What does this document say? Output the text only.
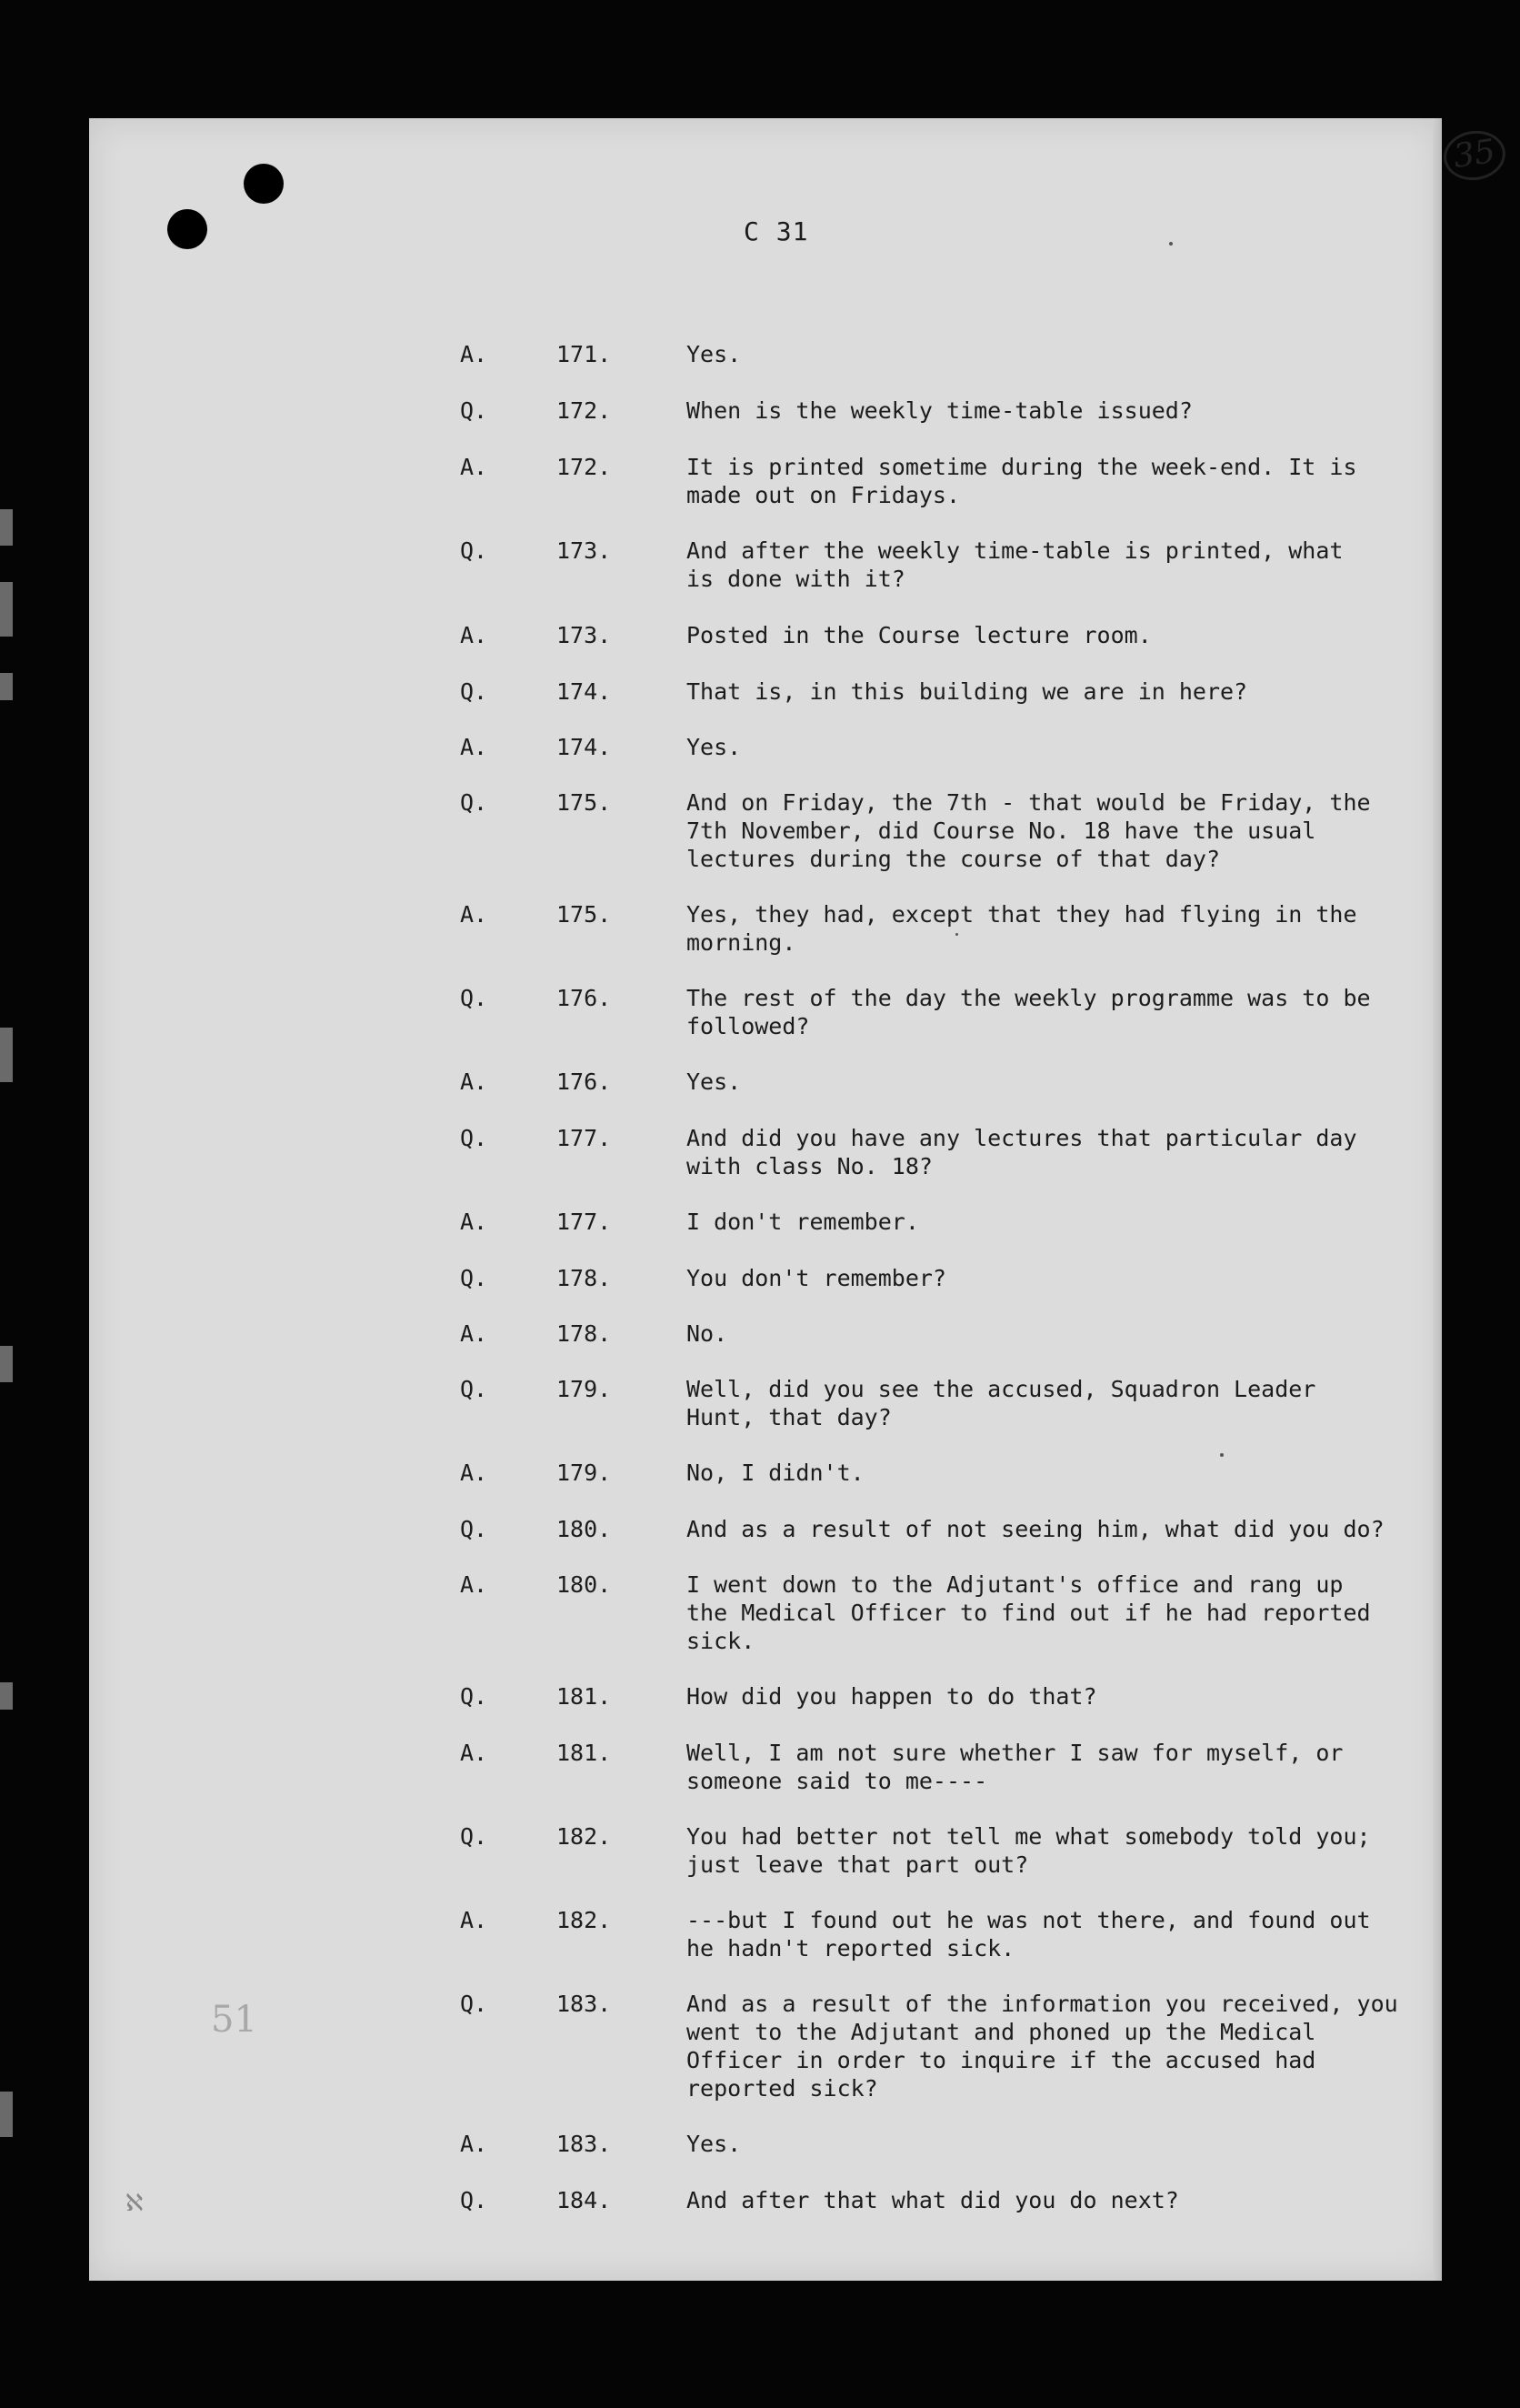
35
C 31
51
ℵ
A.	171.	Yes.
Q.	172.	When is the weekly time-table issued?
A.	172.	It is printed sometime during the week-end. It is
made out on Fridays.
Q.	173.	And after the weekly time-table is printed, what
is done with it?
A.	173.	Posted in the Course lecture room.
Q.	174.	That is, in this building we are in here?
A.	174.	Yes.
Q.	175.	And on Friday, the 7th - that would be Friday, the
7th November, did Course No. 18 have the usual
lectures during the course of that day?
A.	175.	Yes, they had, except that they had flying in the
morning.
Q.	176.	The rest of the day the weekly programme was to be
followed?
A.	176.	Yes.
Q.	177.	And did you have any lectures that particular day
with class No. 18?
A.	177.	I don't remember.
Q.	178.	You don't remember?
A.	178.	No.
Q.	179.	Well, did you see the accused, Squadron Leader
Hunt, that day?
A.	179.	No, I didn't.
Q.	180.	And as a result of not seeing him, what did you do?
A.	180.	I went down to the Adjutant's office and rang up
the Medical Officer to find out if he had reported
sick.
Q.	181.	How did you happen to do that?
A.	181.	Well, I am not sure whether I saw for myself, or
someone said to me----
Q.	182.	You had better not tell me what somebody told you;
just leave that part out?
A.	182.	---but I found out he was not there, and found out
he hadn't reported sick.
Q.	183.	And as a result of the information you received, you
went to the Adjutant and phoned up the Medical
Officer in order to inquire if the accused had
reported sick?
A.	183.	Yes.
Q.	184.	And after that what did you do next?
